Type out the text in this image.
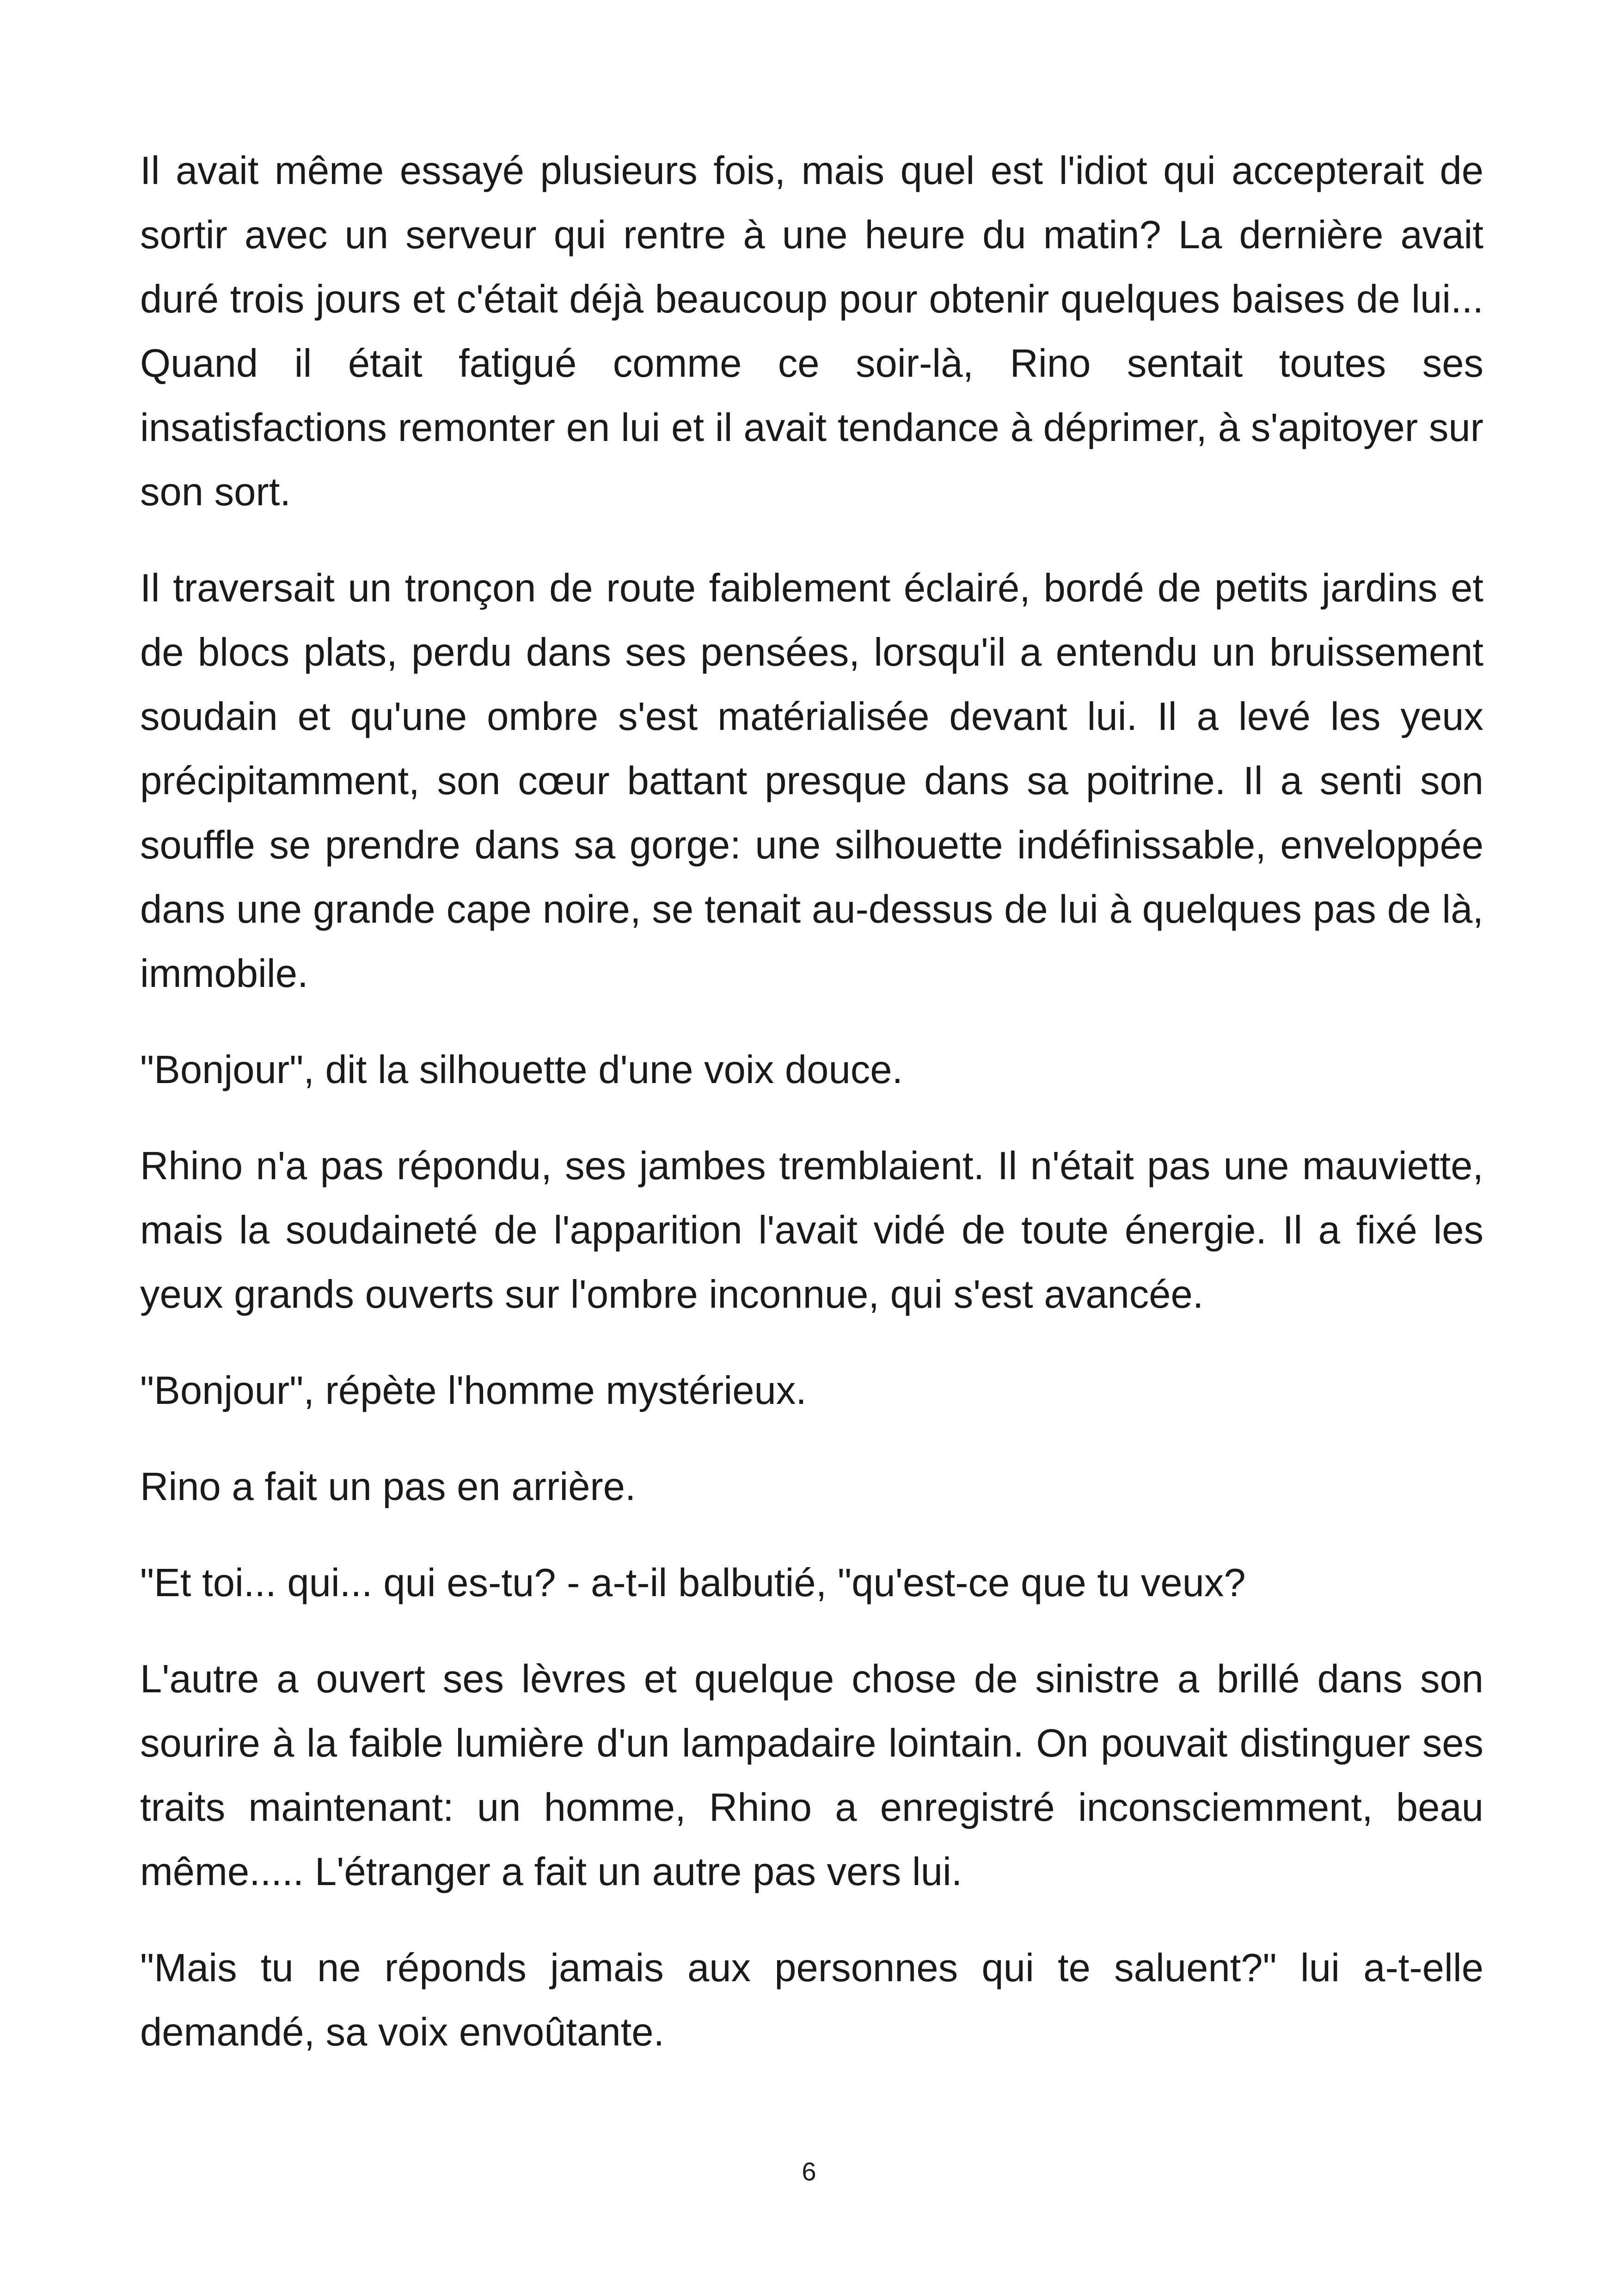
Il avait même essayé plusieurs fois, mais quel est l'idiot qui accepterait de sortir avec un serveur qui rentre à une heure du matin? La dernière avait duré trois jours et c'était déjà beaucoup pour obtenir quelques baises de lui... Quand il était fatigué comme ce soir-là, Rino sentait toutes ses insatisfactions remonter en lui et il avait tendance à déprimer, à s'apitoyer sur son sort.

Il traversait un tronçon de route faiblement éclairé, bordé de petits jardins et de blocs plats, perdu dans ses pensées, lorsqu'il a entendu un bruissement soudain et qu'une ombre s'est matérialisée devant lui. Il a levé les yeux précipitamment, son cœur battant presque dans sa poitrine. Il a senti son souffle se prendre dans sa gorge: une silhouette indéfinissable, enveloppée dans une grande cape noire, se tenait au-dessus de lui à quelques pas de là, immobile.

"Bonjour", dit la silhouette d'une voix douce.

Rhino n'a pas répondu, ses jambes tremblaient. Il n'était pas une mauviette, mais la soudaineté de l'apparition l'avait vidé de toute énergie. Il a fixé les yeux grands ouverts sur l'ombre inconnue, qui s'est avancée.

"Bonjour", répète l'homme mystérieux.

Rino a fait un pas en arrière.

"Et toi... qui... qui es-tu? - a-t-il balbutié, "qu'est-ce que tu veux?

L'autre a ouvert ses lèvres et quelque chose de sinistre a brillé dans son sourire à la faible lumière d'un lampadaire lointain. On pouvait distinguer ses traits maintenant: un homme, Rhino a enregistré inconsciemment, beau même..... L'étranger a fait un autre pas vers lui.

"Mais tu ne réponds jamais aux personnes qui te saluent?" lui a-t-elle demandé, sa voix envoûtante.

6
